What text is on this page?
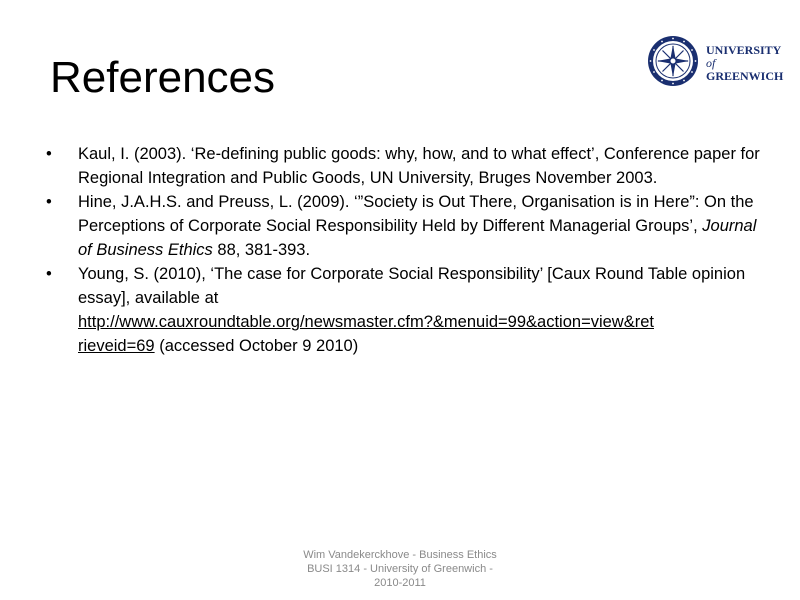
References
UNIVERSITY
of
GREENWICH
• Kaul, I. (2003). ‘Re-defining public goods: why, how, and to what effect’, Conference paper for Regional Integration and Public Goods, UN University, Bruges November 2003.
• Hine, J.A.H.S. and Preuss, L. (2009). ‘”Society is Out There, Organisation is in Here”: On the Perceptions of Corporate Social Responsibility Held by Different Managerial Groups’, Journal of Business Ethics 88, 381-393.
• Young, S. (2010), ‘The case for Corporate Social Responsibility’ [Caux Round Table opinion essay], available at
http://www.cauxroundtable.org/newsmaster.cfm?&menuid=99&action=view&ret
rieveid=69 (accessed October 9 2010)
Wim Vandekerckhove - Business Ethics
BUSI 1314 - University of Greenwich -
2010-2011
